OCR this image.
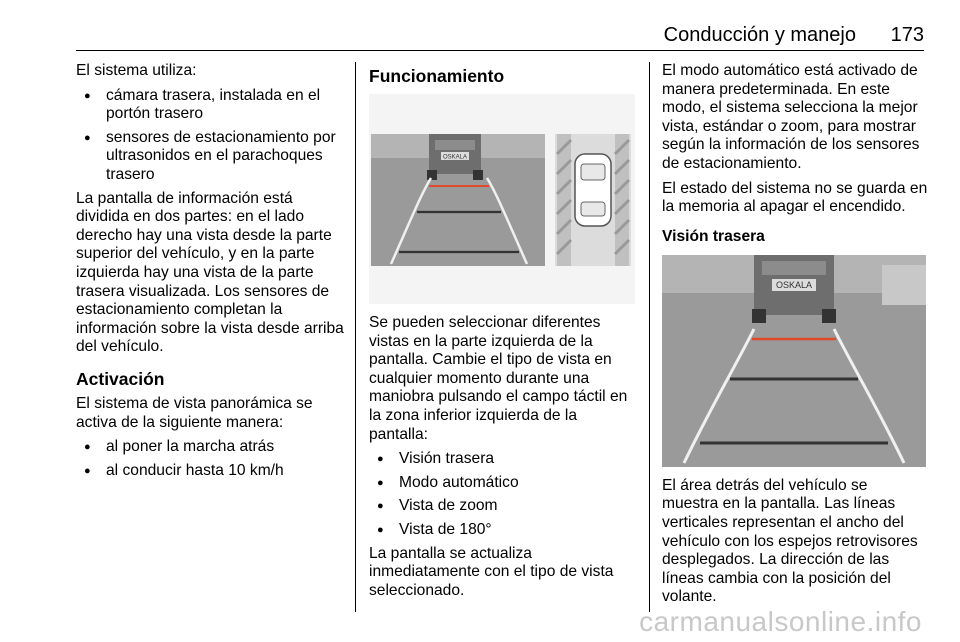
Conducción y manejo 173

El sistema utiliza:

● cámara trasera, instalada en el portón trasero
● sensores de estacionamiento por ultrasonidos en el parachoques trasero

La pantalla de información está dividida en dos partes: en el lado derecho hay una vista desde la parte superior del vehículo, y en la parte izquierda hay una vista de la parte trasera visualizada. Los sensores de estacionamiento completan la información sobre la vista desde arriba del vehículo.

Activación

El sistema de vista panorámica se activa de la siguiente manera:

● al poner la marcha atrás
● al conducir hasta 10 km/h
Funcionamiento
OSKALA

Se pueden seleccionar diferentes vistas en la parte izquierda de la pantalla. Cambie el tipo de vista en cualquier momento durante una maniobra pulsando el campo táctil en la zona inferior izquierda de la pantalla:

● Visión trasera
● Modo automático
● Vista de zoom
● Vista de 180°

La pantalla se actualiza inmediatamente con el tipo de vista seleccionado.

El modo automático está activado de manera predeterminada. En este modo, el sistema selecciona la mejor vista, estándar o zoom, para mostrar según la información de los sensores de estacionamiento.

El estado del sistema no se guarda en la memoria al apagar el encendido.

Visión trasera
OSKALA

El área detrás del vehículo se muestra en la pantalla. Las líneas verticales representan el ancho del vehículo con los espejos retrovisores desplegados. La dirección de las líneas cambia con la posición del volante.

carmanualsonline.info
